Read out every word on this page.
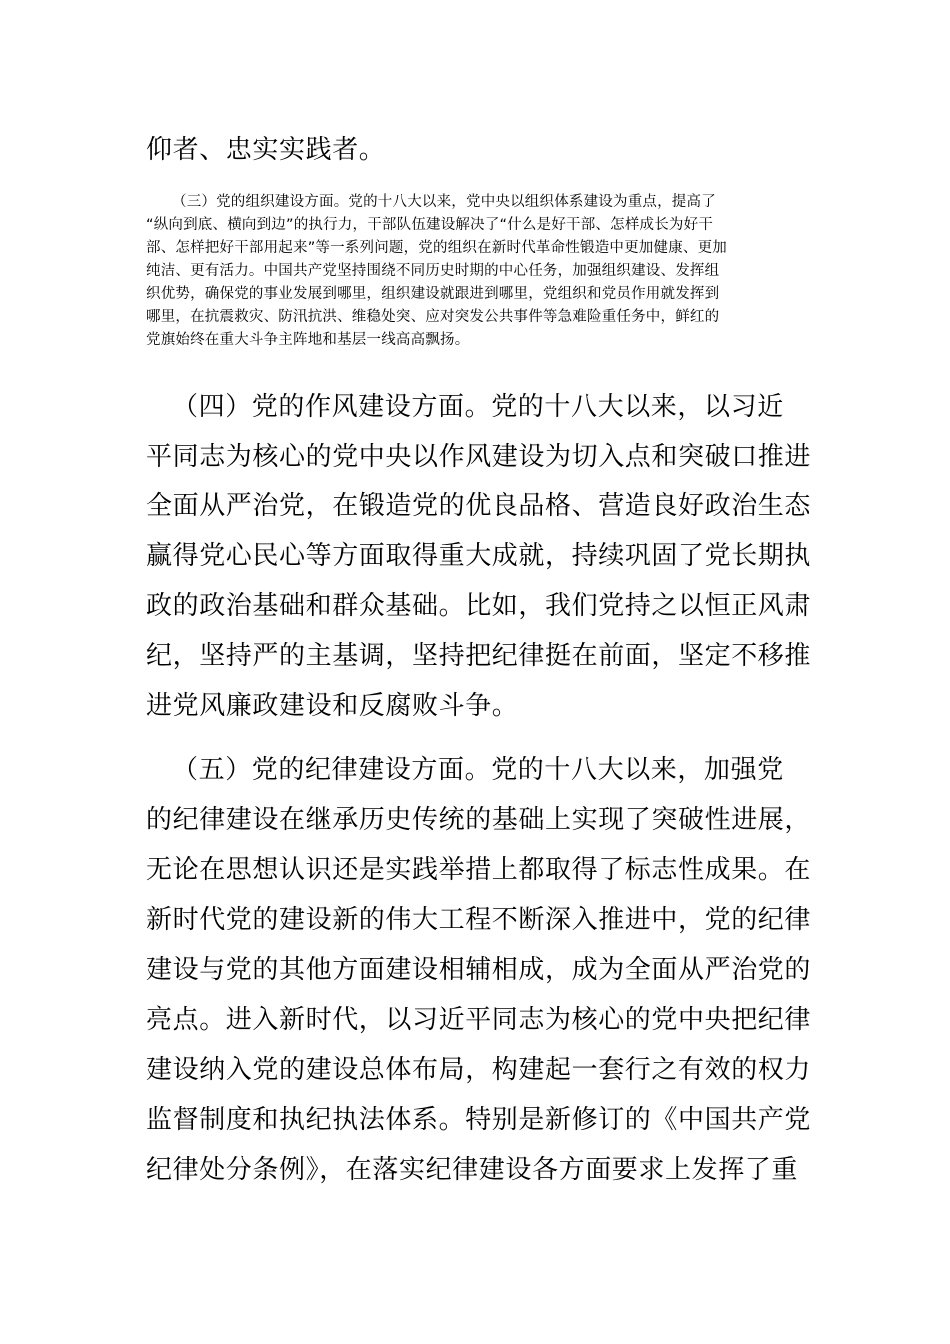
仰者、忠实实践者。

（三）党的组织建设方面。党的十八大以来，党中央以组织体系建设为重点，提高了

“纵向到底、横向到边”的执行力，干部队伍建设解决了“什么是好干部、怎样成长为好干

部、怎样把好干部用起来”等一系列问题，党的组织在新时代革命性锻造中更加健康、更加

纯洁、更有活力。中国共产党坚持围绕不同历史时期的中心任务，加强组织建设、发挥组

织优势，确保党的事业发展到哪里，组织建设就跟进到哪里，党组织和党员作用就发挥到

哪里，在抗震救灾、防汛抗洪、维稳处突、应对突发公共事件等急难险重任务中，鲜红的

党旗始终在重大斗争主阵地和基层一线高高飘扬。

（四）党的作风建设方面。党的十八大以来，以习近

平同志为核心的党中央以作风建设为切入点和突破口推进

全面从严治党，在锻造党的优良品格、营造良好政治生态

赢得党心民心等方面取得重大成就，持续巩固了党长期执

政的政治基础和群众基础。比如，我们党持之以恒正风肃

纪，坚持严的主基调，坚持把纪律挺在前面，坚定不移推

进党风廉政建设和反腐败斗争。

（五）党的纪律建设方面。党的十八大以来，加强党

的纪律建设在继承历史传统的基础上实现了突破性进展，

无论在思想认识还是实践举措上都取得了标志性成果。在

新时代党的建设新的伟大工程不断深入推进中，党的纪律

建设与党的其他方面建设相辅相成，成为全面从严治党的

亮点。进入新时代，以习近平同志为核心的党中央把纪律

建设纳入党的建设总体布局，构建起一套行之有效的权力

监督制度和执纪执法体系。特别是新修订的《中国共产党

纪律处分条例》，在落实纪律建设各方面要求上发挥了重
